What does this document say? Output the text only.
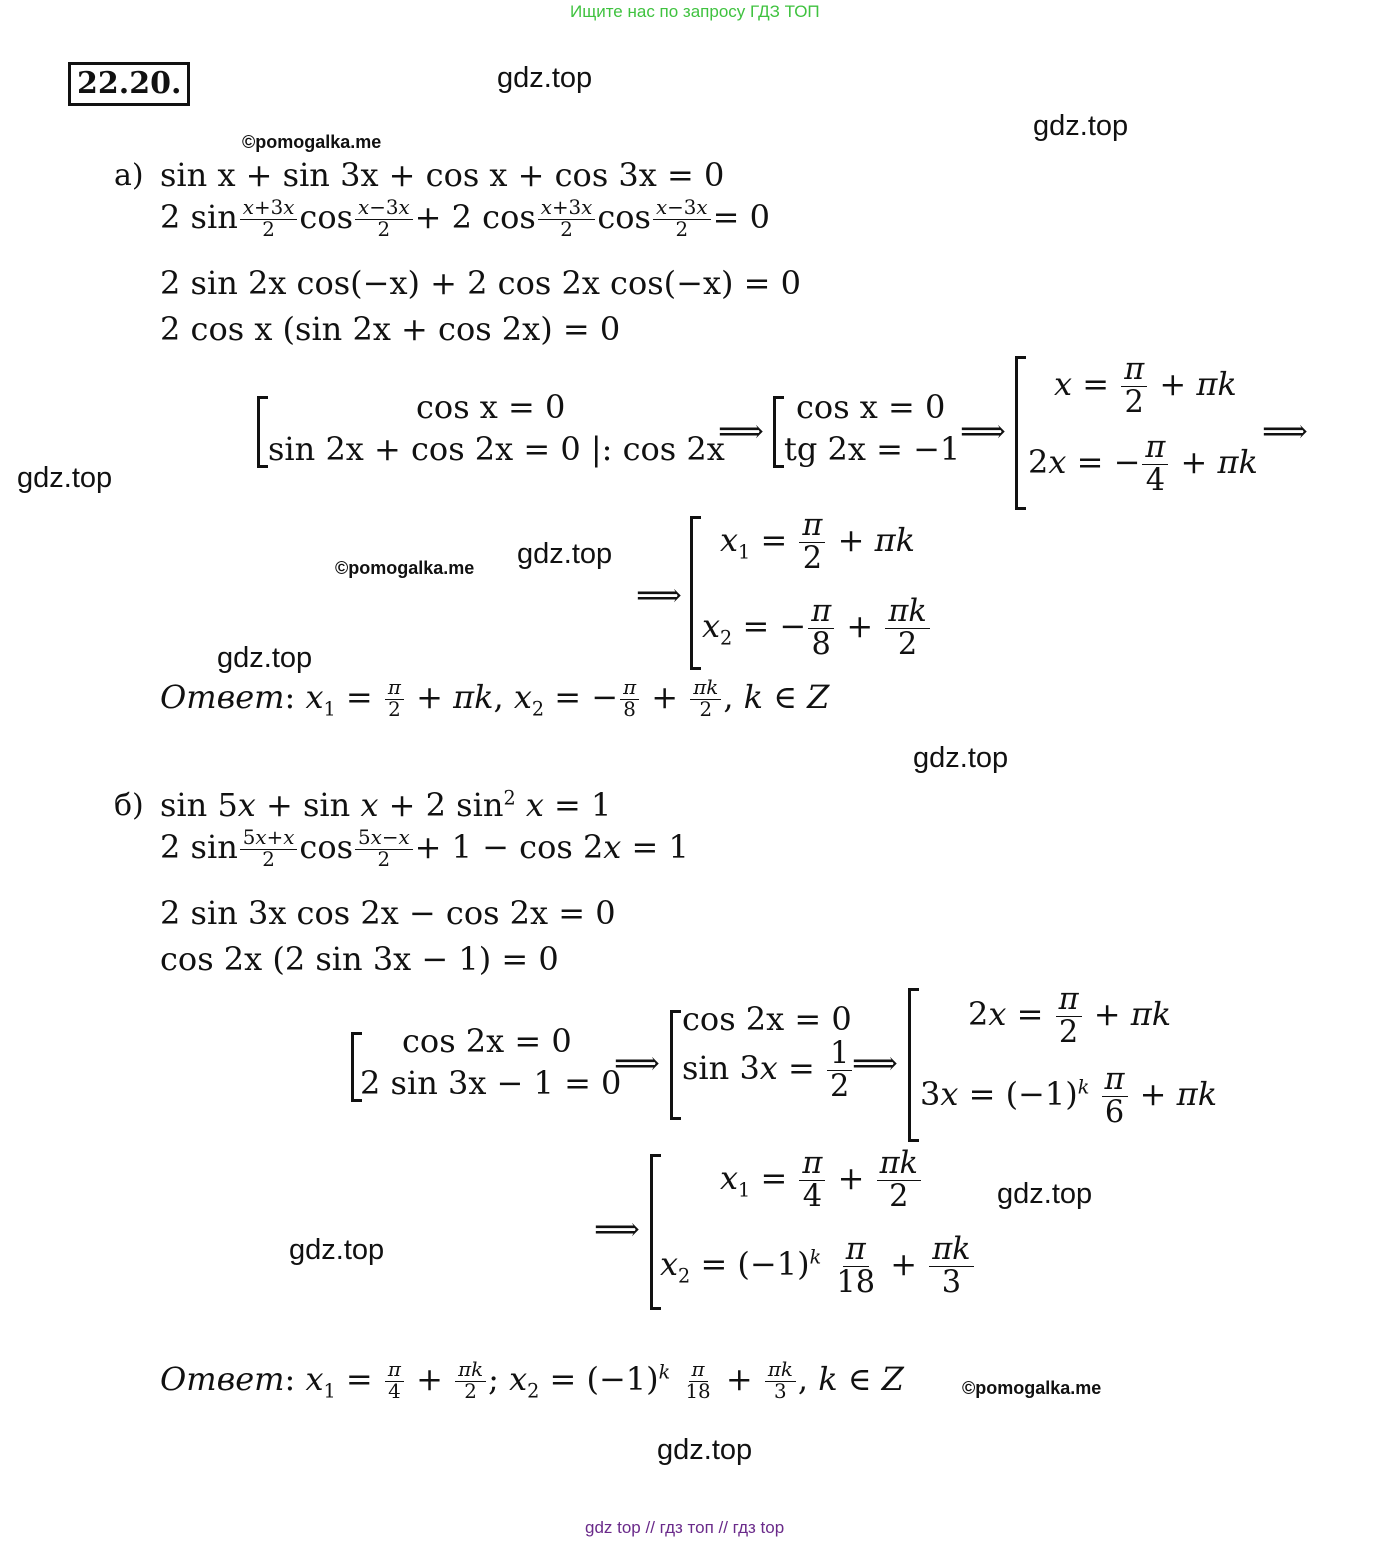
Ищите нас по запросу ГДЗ ТОП
gdz top // гдз топ // гдз top
22.20.	gdz.top
gdz.top
gdz.top
gdz.top
gdz.top
gdz.top
gdz.top
gdz.top
gdz.top
©pomogalka.me
©pomogalka.me
©pomogalka.me
а) sin x + sin 3x + cos x + cos 3x = 0
2 $\sin \frac{x+3x}{2}$ $\cos \frac{x-3x}{2} + 2$ $\cos \frac{x+3x}{2}$ $\cos \frac{x-3x}{2} = 0$
2 sin 2x cos(−x) + 2 cos 2x cos(−x) = 0
2 cos x (sin 2x + cos 2x) = 0
cos x = 0
sin 2x + cos 2x = 0 |: cos 2x
⟹
cos x = 0
tg 2x = −1 ⟹
$x = \frac{\pi}{2} + \pi k$
2x = − $\frac{\pi}{4} + \pi k$
⟹
⟹
$x_1 = \frac{\pi}{2} + \pi k$
$x_2$ = − $\frac{\pi}{8} + \frac{\pi k}{2}$
Ответ: $x_1 = \frac{\pi}{2} + \pi k$, $x_2$ = − $\frac{\pi}{8} + \frac{\pi k}{2}$ , k ∈ Z
б) sin 5x + sin x + 2 $\sin^2 x = 1$
2 $\sin \frac{5x+x}{2}$ $\cos \frac{5x-x}{2} + 1 - \cos 2x = 1$
2 sin 3x cos 2x − cos 2x = 0
cos 2x (2 sin 3x − 1) = 0
cos 2x = 0
2 sin 3x − 1 = 0
⟹
cos 2x = 0
$\sin 3x = \frac{1}{2}$ ⟹
$2x = \frac{\pi}{2} + \pi k$
$3x = (-1)^k \frac{\pi}{6} + \pi k$
⟹
$x_1 = \frac{\pi}{4} + \frac{\pi k}{2}$
$x_2 = (-1)^k \frac{\pi}{18} + \frac{\pi k}{3}$
Ответ: $x_1 = \frac{\pi}{4} + \frac{\pi k}{2}$ ; $x_2 = (-1)^k \frac{\pi}{18} + \frac{\pi k}{3}$ , k ∈ Z
